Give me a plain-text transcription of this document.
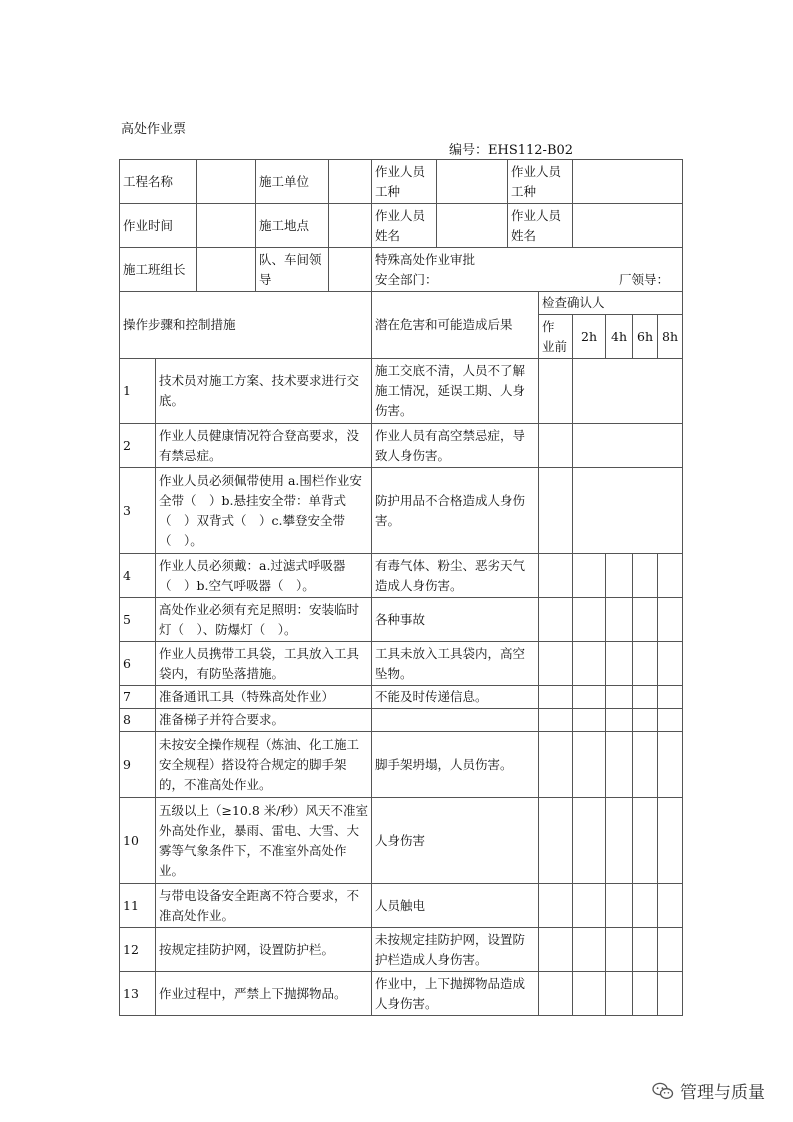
高处作业票
编号：EHS112-B02
工程名称			施工单位		作业人员工种		作业人员工种					
作业时间			施工地点		作业人员姓名		作业人员姓名					
施工班组长			队、车间领导		特殊高处作业审批
安全部门： 厂领导：							

操作步骤和控制措施					潜在危害和可能造成后果			检查确认人				
								作 业前	2h	4h	6h	8h
1	技术员对施工方案、技术要求进行交底。				施工交底不清，人员不了解施工情况，延误工期、人身伤害。							
2	作业人员健康情况符合登高要求，没有禁忌症。				作业人员有高空禁忌症，导致人身伤害。							
3	作业人员必须佩带使用 a.围栏作业安全带（　）b.悬挂安全带：单背式（　）双背式（　）c.攀登安全带（　）。				防护用品不合格造成人身伤害。							
4	作业人员必须戴：a.过滤式呼吸器（　）b.空气呼吸器（　）。				有毒气体、粉尘、恶劣天气造成人身伤害。							
5	高处作业必须有充足照明：安装临时灯（　）、防爆灯（　）。				各种事故							
6	作业人员携带工具袋，工具放入工具袋内，有防坠落措施。				工具未放入工具袋内，高空坠物。							
7	准备通讯工具（特殊高处作业）				不能及时传递信息。							
8	准备梯子并符合要求。											
9	未按安全操作规程（炼油、化工施工安全规程）搭设符合规定的脚手架的，不准高处作业。				脚手架坍塌，人员伤害。							
10	五级以上（≥10.8 米/秒）风天不准室外高处作业，暴雨、雷电、大雪、大雾等气象条件下，不准室外高处作业。				人身伤害							
11	与带电设备安全距离不符合要求，不准高处作业。				人员触电							
12	按规定挂防护网，设置防护栏。				未按规定挂防护网，设置防护栏造成人身伤害。							
13	作业过程中，严禁上下抛掷物品。				作业中，上下抛掷物品造成人身伤害。							
管理与质量
